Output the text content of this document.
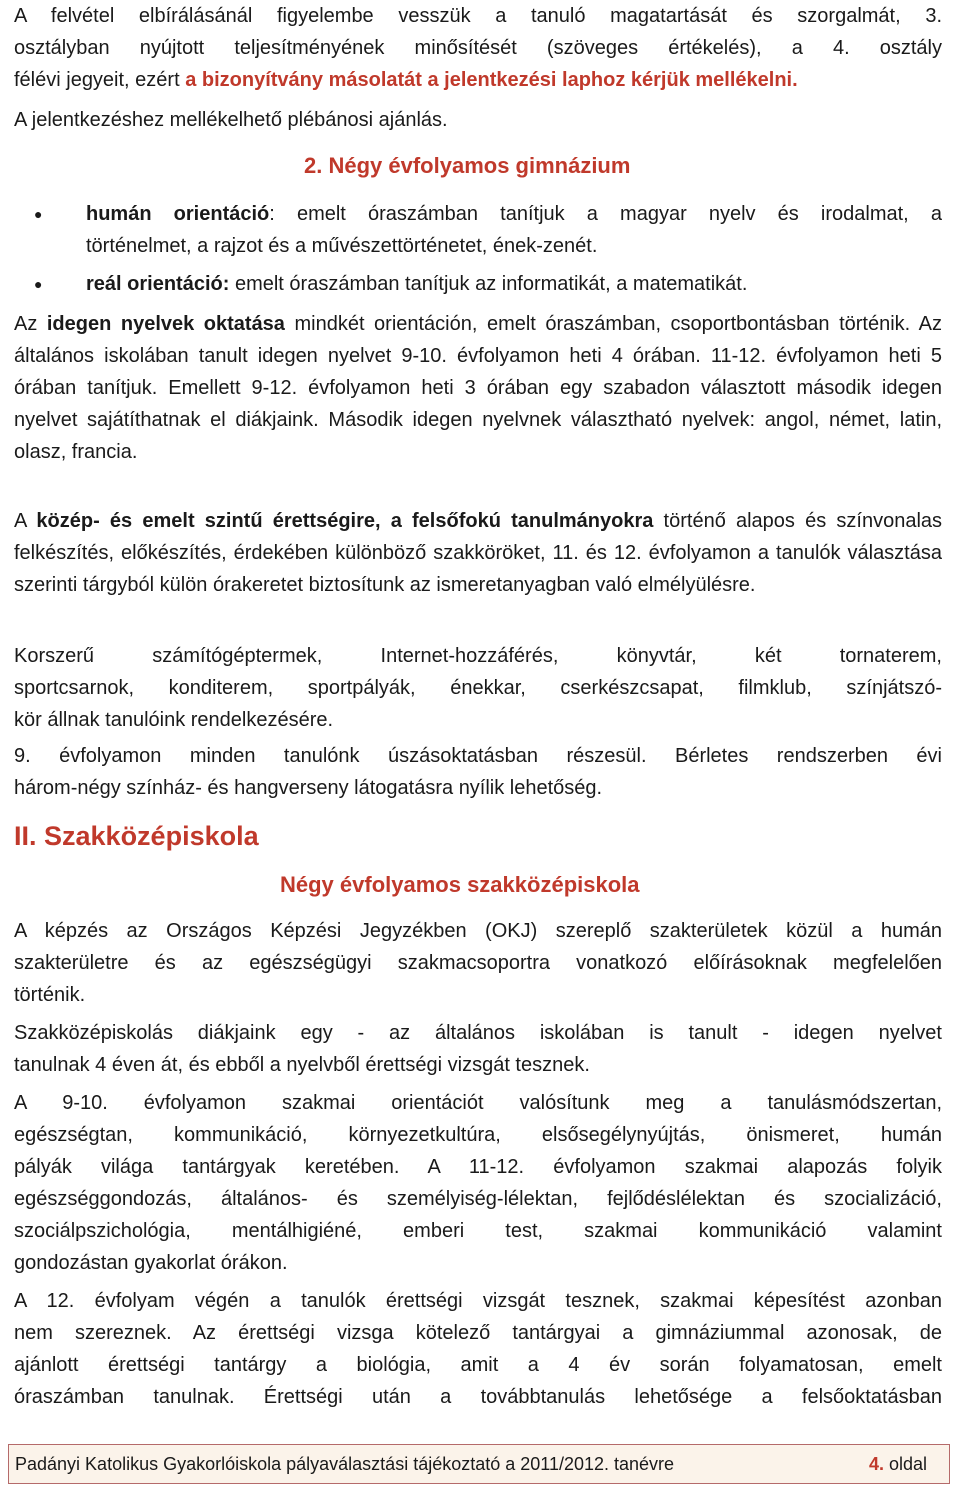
A felvétel elbírálásánál figyelembe vesszük a tanuló magatartását és szorgalmát, 3.
osztályban nyújtott teljesítményének minősítését (szöveges értékelés), a 4. osztály
félévi jegyeit, ezért a bizonyítvány másolatát a jelentkezési laphoz kérjük mellékelni.
A jelentkezéshez mellékelhető plébánosi ajánlás.
2. Négy évfolyamos gimnázium
●	humán orientáció: emelt óraszámban tanítjuk a magyar nyelv és irodalmat, a
történelmet, a rajzot és a művészettörténetet, ének-zenét.
●	reál orientáció: emelt óraszámban tanítjuk az informatikát, a matematikát.

Az idegen nyelvek oktatása mindkét orientáción, emelt óraszámban, csoportbontásban történik. Az általános iskolában tanult idegen nyelvet 9-10. évfolyamon heti 4 órában. 11-12. évfolyamon heti 5 órában tanítjuk. Emellett 9-12. évfolyamon heti 3 órában egy szabadon választott második idegen nyelvet sajátíthatnak el diákjaink. Második idegen nyelvnek választható nyelvek: angol, német, latin, olasz, francia.

A közép- és emelt szintű érettségire, a felsőfokú tanulmányokra történő alapos és színvonalas felkészítés, előkészítés, érdekében különböző szakköröket, 11. és 12. évfolyamon a tanulók választása szerinti tárgyból külön órakeretet biztosítunk az ismeretanyagban való elmélyülésre.

Korszerű számítógéptermek, Internet-hozzáférés, könyvtár, két tornaterem,
sportcsarnok, konditerem, sportpályák, énekkar, cserkészcsapat, filmklub, színjátszó-
kör állnak tanulóink rendelkezésére.
9. évfolyamon minden tanulónk úszásoktatásban részesül. Bérletes rendszerben évi
három-négy színház- és hangverseny látogatásra nyílik lehetőség.
II. Szakközépiskola
Négy évfolyamos szakközépiskola
A képzés az Országos Képzési Jegyzékben (OKJ) szereplő szakterületek közül a humán
szakterületre és az egészségügyi szakmacsoportra vonatkozó előírásoknak megfelelően
történik.
Szakközépiskolás diákjaink egy - az általános iskolában is tanult - idegen nyelvet
tanulnak 4 éven át, és ebből a nyelvből érettségi vizsgát tesznek.
A 9-10. évfolyamon szakmai orientációt valósítunk meg a tanulásmódszertan,
egészségtan, kommunikáció, környezetkultúra, elsősegélynyújtás, önismeret, humán
pályák világa tantárgyak keretében. A 11-12. évfolyamon szakmai alapozás folyik
egészséggondozás, általános- és személyiség-lélektan, fejlődéslélektan és szocializáció,
szociálpszichológia, mentálhigiéné, emberi test, szakmai kommunikáció valamint
gondozástan gyakorlat órákon.
A 12. évfolyam végén a tanulók érettségi vizsgát tesznek, szakmai képesítést azonban
nem szereznek. Az érettségi vizsga kötelező tantárgyai a gimnáziummal azonosak, de
ajánlott érettségi tantárgy a biológia, amit a 4 év során folyamatosan, emelt
óraszámban tanulnak. Érettségi után a továbbtanulás lehetősége a felsőoktatásban
Padányi Katolikus Gyakorlóiskola pályaválasztási tájékoztató a 2011/2012. tanévre	4. oldal
